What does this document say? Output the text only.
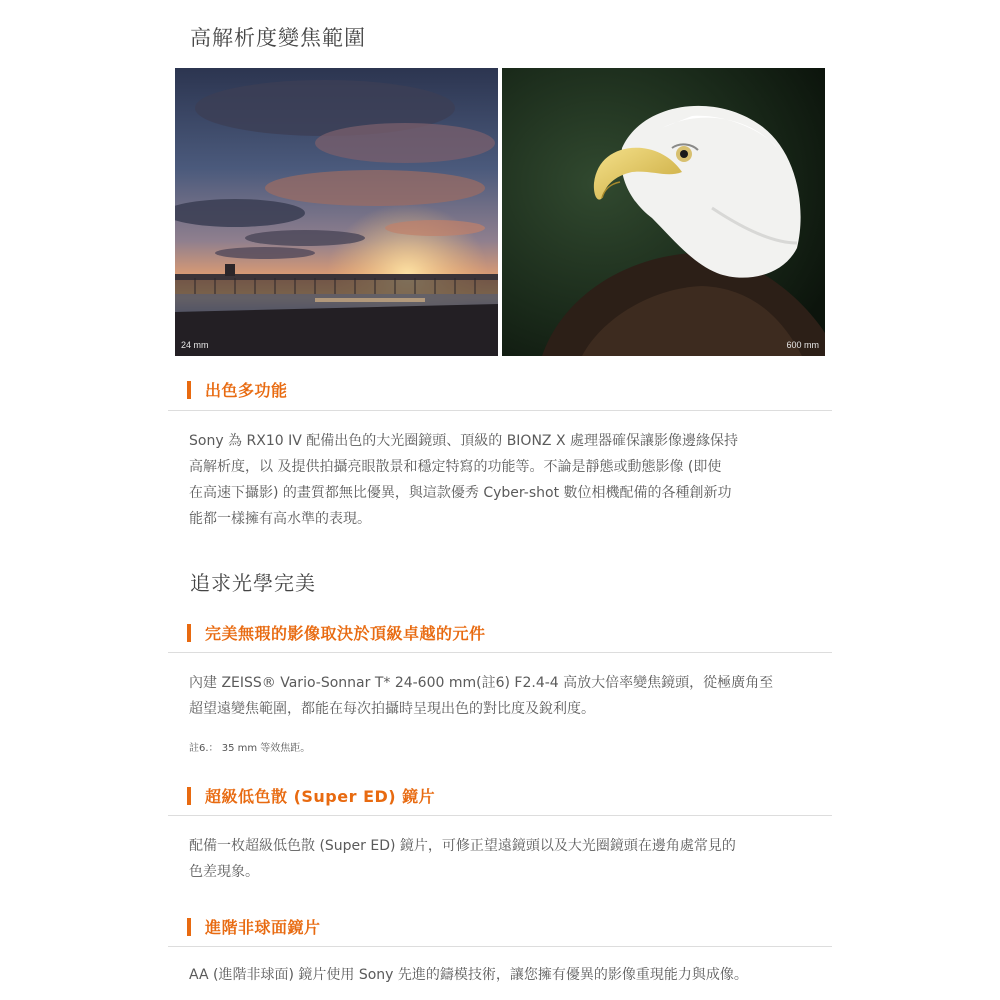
高解析度變焦範圍
24 mm	600 mm
出色多功能

Sony 為 RX10 IV 配備出色的大光圈鏡頭、頂級的 BIONZ X 處理器確保讓影像邊緣保持
高解析度，以 及提供拍攝亮眼散景和穩定特寫的功能等。不論是靜態或動態影像 (即使
在高速下攝影) 的畫質都無比優異，與這款優秀 Cyber-shot 數位相機配備的各種創新功
能都一樣擁有高水準的表現。

追求光學完美
完美無瑕的影像取決於頂級卓越的元件

內建 ZEISS® Vario-Sonnar T* 24-600 mm(註6) F2.4-4 高放大倍率變焦鏡頭，從極廣角至
超望遠變焦範圍，都能在每次拍攝時呈現出色的對比度及銳利度。

註6.： 35 mm 等效焦距。
超級低色散 (Super ED) 鏡片

配備一枚超級低色散 (Super ED) 鏡片，可修正望遠鏡頭以及大光圈鏡頭在邊角處常見的
色差現象。

進階非球面鏡片

AA (進階非球面) 鏡片使用 Sony 先進的鑄模技術，讓您擁有優異的影像重現能力與成像。
